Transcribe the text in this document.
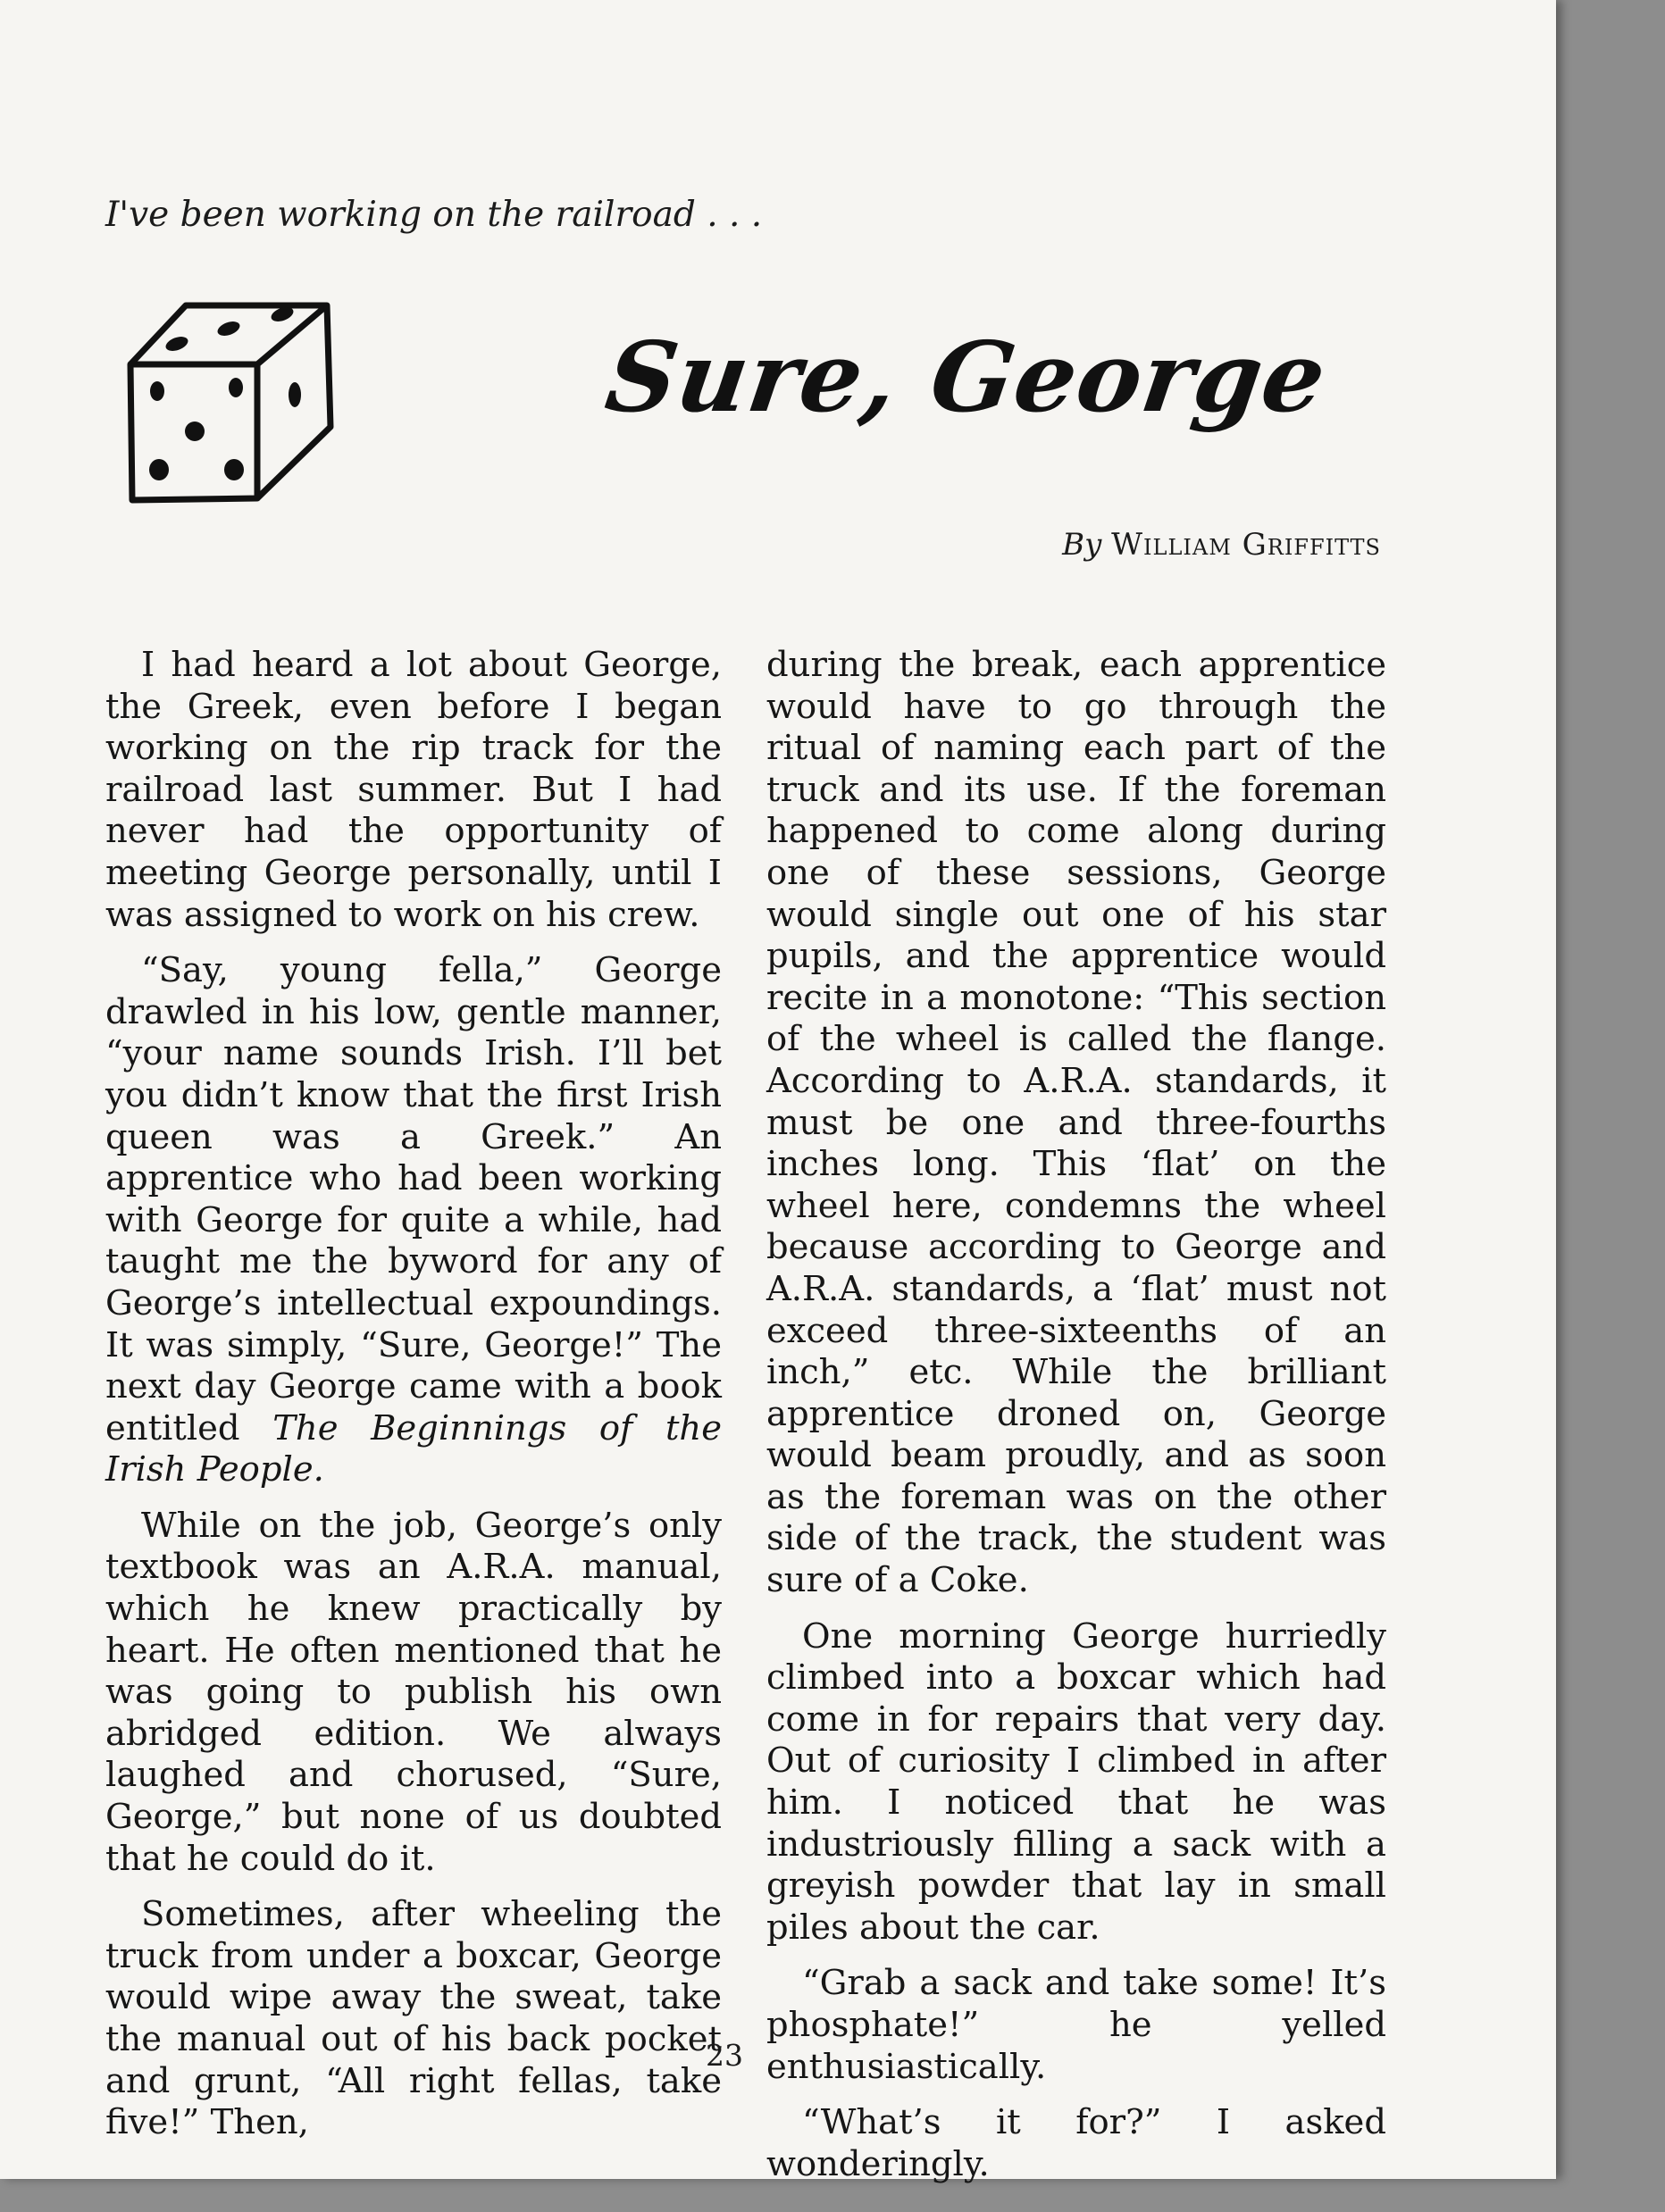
I've been working on the railroad . . .

Sure, George

By William Griffitts

I had heard a lot about George, the Greek, even before I began working on the rip track for the railroad last summer. But I had never had the opportunity of meeting George personally, until I was assigned to work on his crew.

“Say, young fella,” George drawled in his low, gentle manner, “your name sounds Irish. I’ll bet you didn’t know that the first Irish queen was a Greek.” An apprentice who had been working with George for quite a while, had taught me the byword for any of George’s intellectual expoundings. It was simply, “Sure, George!” The next day George came with a book entitled The Beginnings of the Irish People.

While on the job, George’s only textbook was an A.R.A. manual, which he knew practically by heart. He often mentioned that he was going to publish his own abridged edition. We always laughed and chorused, “Sure, George,” but none of us doubted that he could do it.

Sometimes, after wheeling the truck from under a boxcar, George would wipe away the sweat, take the manual out of his back pocket and grunt, “All right fellas, take five!” Then,

during the break, each apprentice would have to go through the ritual of naming each part of the truck and its use. If the foreman happened to come along during one of these sessions, George would single out one of his star pupils, and the apprentice would recite in a monotone: “This section of the wheel is called the flange. According to A.R.A. standards, it must be one and three-fourths inches long. This ‘flat’ on the wheel here, condemns the wheel because according to George and A.R.A. standards, a ‘flat’ must not exceed three-sixteenths of an inch,” etc. While the brilliant apprentice droned on, George would beam proudly, and as soon as the foreman was on the other side of the track, the student was sure of a Coke.

One morning George hurriedly climbed into a boxcar which had come in for repairs that very day. Out of curiosity I climbed in after him. I noticed that he was industriously filling a sack with a greyish powder that lay in small piles about the car.

“Grab a sack and take some! It’s phosphate!” he yelled enthusiastically.

“What’s it for?” I asked wonderingly.

23
